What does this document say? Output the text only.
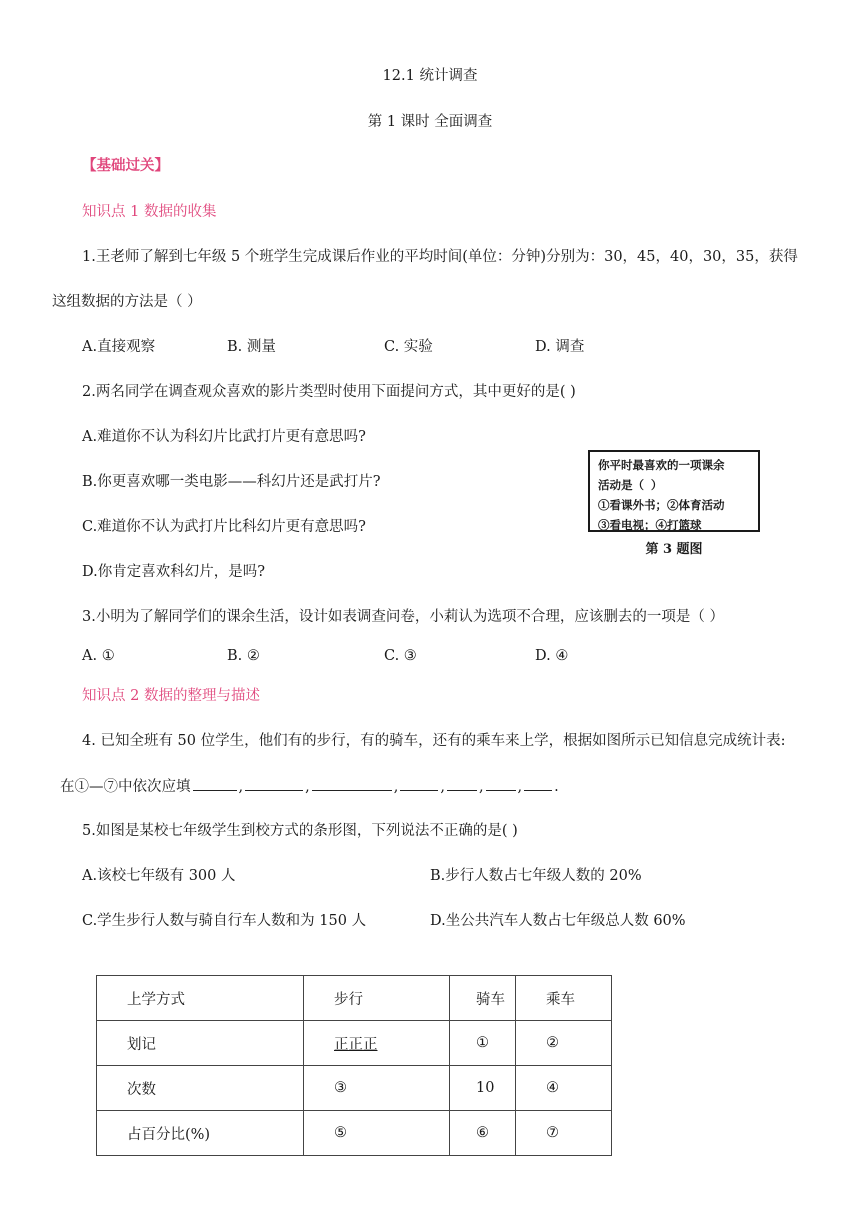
12.1 统计调查
第 1 课时 全面调查
【基础过关】
知识点 1 数据的收集
1.王老师了解到七年级 5 个班学生完成课后作业的平均时间(单位：分钟)分别为：30，45，40，30，35，获得
这组数据的方法是（ ）
A.直接观察	B. 测量	C. 实验	D. 调查
2.两名同学在调查观众喜欢的影片类型时使用下面提问方式，其中更好的是( )
A.难道你不认为科幻片比武打片更有意思吗?
B.你更喜欢哪一类电影——科幻片还是武打片?
C.难道你不认为武打片比科幻片更有意思吗?
D.你肯定喜欢科幻片，是吗?
你平时最喜欢的一项课余
活动是（ ）
①看课外书；②体育活动
③看电视；④打篮球
第 3 题图
3.小明为了解同学们的课余生活，设计如表调查问卷，小莉认为选项不合理，应该删去的一项是（ ）
A. ①	B. ②	C. ③	D. ④
知识点 2 数据的整理与描述
4. 已知全班有 50 位学生，他们有的步行，有的骑车，还有的乘车来上学，根据如图所示已知信息完成统计表:
在①—⑦中依次应填	,	,	,	, , , .
5.如图是某校七年级学生到校方式的条形图，下列说法不正确的是( )
A.该校七年级有 300 人	B.步行人数占七年级人数的 20%
C.学生步行人数与骑自行车人数和为 150 人	D.坐公共汽车人数占七年级总人数 60%
上学方式	步行	骑车	乘车
划记	正正正	①	②
次数	③	10	④
占百分比(%)	⑤	⑥	⑦
